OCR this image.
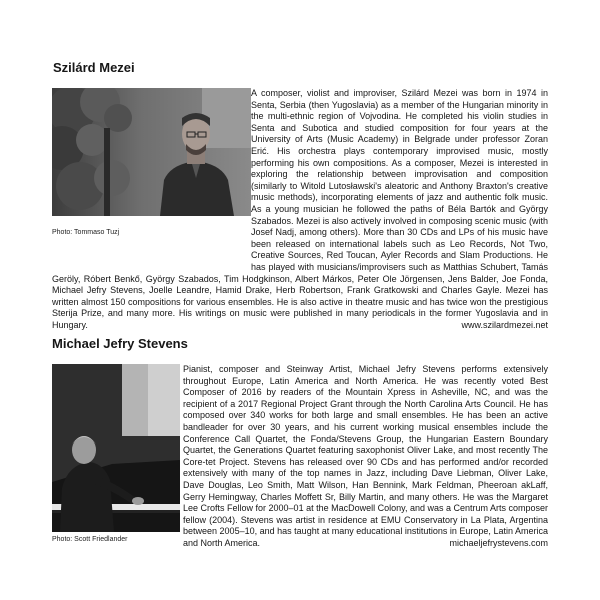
Szilárd Mezei
Photo: Tommaso Tuzj

A composer, violist and improviser, Szilárd Mezei was born in 1974 in Senta, Serbia (then Yugoslavia) as a member of the Hungarian minority in the multi-ethnic region of Vojvodina. He completed his violin studies in Senta and Subotica and studied composition for four years at the University of Arts (Music Academy) in Belgrade under professor Zoran Erić. His orchestra plays contemporary improvised music, mostly performing his own compositions. As a composer, Mezei is interested in exploring the relationship between improvisation and composition (similarly to Witold Lutosławski's aleatoric and Anthony Braxton's creative music methods), incorporating elements of jazz and authentic folk music. As a young musician he followed the paths of Béla Bartók and György Szabados. Mezei is also actively involved in composing scenic music (with Josef Nadj, among others). More than 30 CDs and LPs of his music have been released on international labels such as Leo Records, Not Two, Creative Sources, Red Toucan, Ayler Records and Slam Productions. He has played with musicians/improvisers such as Matthias Schubert, Tamás Geröly, Róbert Benkő, György Szabados, Tim Hodgkinson, Albert Márkos, Peter Ole Jörgensen, Jens Balder, Joe Fonda, Michael Jefry Stevens, Joelle Leandre, Hamid Drake, Herb Robertson, Frank Gratkowski and Charles Gayle. Mezei has written almost 150 compositions for various ensembles. He is also active in theatre music and has twice won the prestigious Sterija Prize, and many more. His writings on music were published in many periodicals in the former Yugoslavia and in Hungary.	www.szilardmezei.net

Michael Jefry Stevens
Photo: Scott Friedlander

Pianist, composer and Steinway Artist, Michael Jefry Stevens performs extensively throughout Europe, Latin America and North America. He was recently voted Best Composer of 2016 by readers of the Mountain Xpress in Asheville, NC, and was the recipient of a 2017 Regional Project Grant through the North Carolina Arts Council. He has composed over 340 works for both large and small ensembles. He has been an active bandleader for over 30 years, and his current working musical ensembles include the Conference Call Quartet, the Fonda/Stevens Group, the Hungarian Eastern Boundary Quartet, the Generations Quartet featuring saxophonist Oliver Lake, and most recently The Core-tet Project. Stevens has released over 90 CDs and has performed and/or recorded extensively with many of the top names in Jazz, including Dave Liebman, Oliver Lake, Dave Douglas, Leo Smith, Matt Wilson, Han Bennink, Mark Feldman, Pheeroan akLaff, Gerry Hemingway, Charles Moffett Sr, Billy Martin, and many others. He was the Margaret Lee Crofts Fellow for 2000–01 at the MacDowell Colony, and was a Centrum Arts composer fellow (2004). Stevens was artist in residence at EMU Conservatory in La Plata, Argentina between 2005–10, and has taught at many educational institutions in Europe, Latin America and North America.	michaeljefrystevens.com
